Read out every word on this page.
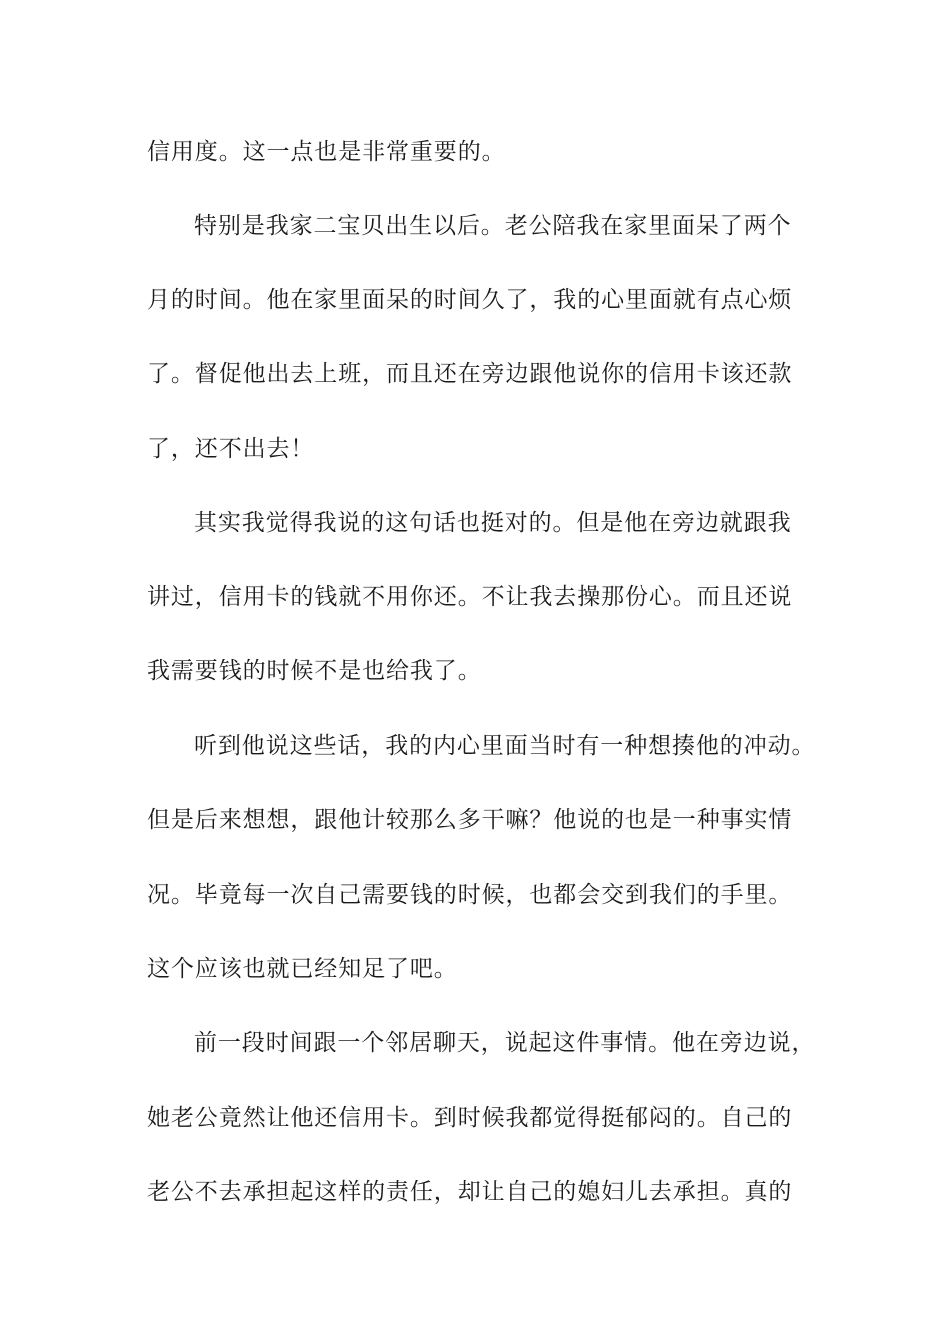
信用度。这一点也是非常重要的。
特别是我家二宝贝出生以后。老公陪我在家里面呆了两个
月的时间。他在家里面呆的时间久了，我的心里面就有点心烦
了。督促他出去上班，而且还在旁边跟他说你的信用卡该还款
了，还不出去！
其实我觉得我说的这句话也挺对的。但是他在旁边就跟我
讲过，信用卡的钱就不用你还。不让我去操那份心。而且还说
我需要钱的时候不是也给我了。
听到他说这些话，我的内心里面当时有一种想揍他的冲动。
但是后来想想，跟他计较那么多干嘛？他说的也是一种事实情
况。毕竟每一次自己需要钱的时候，也都会交到我们的手里。
这个应该也就已经知足了吧。
前一段时间跟一个邻居聊天，说起这件事情。他在旁边说，
她老公竟然让他还信用卡。到时候我都觉得挺郁闷的。自己的
老公不去承担起这样的责任，却让自己的媳妇儿去承担。真的
